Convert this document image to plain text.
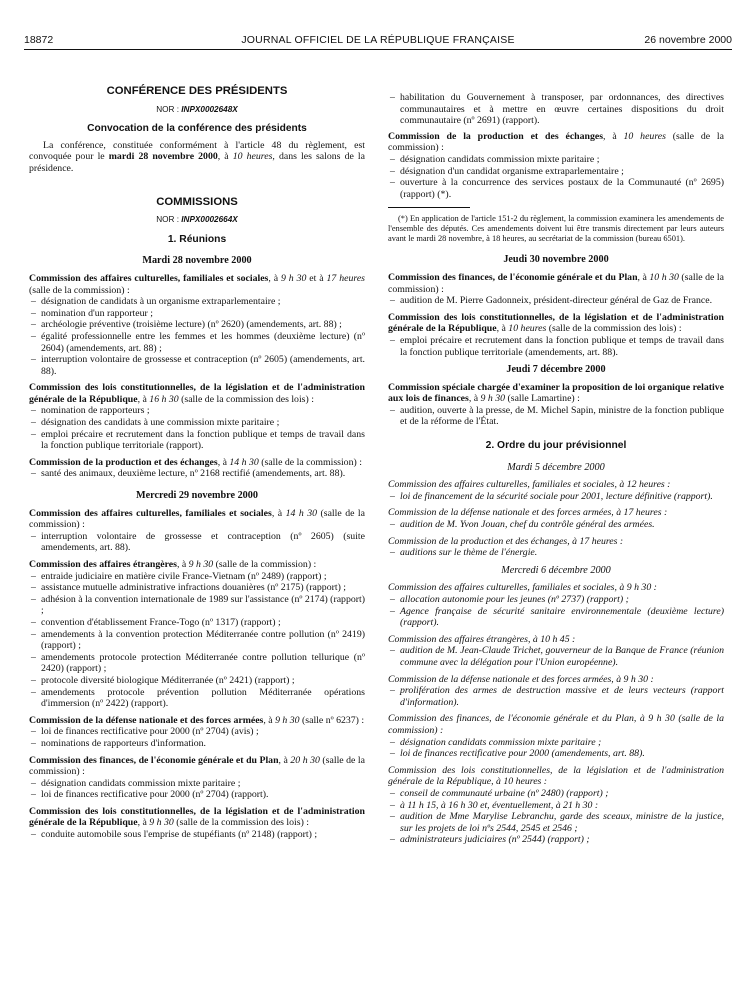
18872	JOURNAL OFFICIEL DE LA RÉPUBLIQUE FRANÇAISE	26 novembre 2000
CONFÉRENCE DES PRÉSIDENTS
NOR : INPX0002648X
Convocation de la conférence des présidents

La conférence, constituée conformément à l'article 48 du règlement, est convoquée pour le mardi 28 novembre 2000, à 10 heures, dans les salons de la présidence.

COMMISSIONS
NOR : INPX0002664X
1. Réunions
Mardi 28 novembre 2000

Commission des affaires culturelles, familiales et sociales, à 9 h 30 et à 17 heures (salle de la commission) :

– désignation de candidats à un organisme extraparlementaire ;
– nomination d'un rapporteur ;
– archéologie préventive (troisième lecture) (nº 2620) (amendements, art. 88) ;
– égalité professionnelle entre les femmes et les hommes (deuxième lecture) (nº 2604) (amendements, art. 88) ;
– interruption volontaire de grossesse et contraception (nº 2605) (amendements, art. 88).

Commission des lois constitutionnelles, de la législation et de l'administration générale de la République, à 16 h 30 (salle de la commission des lois) :

– nomination de rapporteurs ;
– désignation des candidats à une commission mixte paritaire ;
– emploi précaire et recrutement dans la fonction publique et temps de travail dans la fonction publique territoriale (rapport).

Commission de la production et des échanges, à 14 h 30 (salle de la commission) :

– santé des animaux, deuxième lecture, nº 2168 rectifié (amendements, art. 88).
Mercredi 29 novembre 2000

Commission des affaires culturelles, familiales et sociales, à 14 h 30 (salle de la commission) :

– interruption volontaire de grossesse et contraception (nº 2605) (suite amendements, art. 88).

Commission des affaires étrangères, à 9 h 30 (salle de la commission) :

– entraide judiciaire en matière civile France-Vietnam (nº 2489) (rapport) ;
– assistance mutuelle administrative infractions douanières (nº 2175) (rapport) ;
– adhésion à la convention internationale de 1989 sur l'assistance (nº 2174) (rapport) ;
– convention d'établissement France-Togo (nº 1317) (rapport) ;
– amendements à la convention protection Méditerranée contre pollution (nº 2419) (rapport) ;
– amendements protocole protection Méditerranée contre pollution tellurique (nº 2420) (rapport) ;
– protocole diversité biologique Méditerranée (nº 2421) (rapport) ;
– amendements protocole prévention pollution Méditerranée opérations d'immersion (nº 2422) (rapport).

Commission de la défense nationale et des forces armées, à 9 h 30 (salle nº 6237) :

– loi de finances rectificative pour 2000 (nº 2704) (avis) ;
– nominations de rapporteurs d'information.

Commission des finances, de l'économie générale et du Plan, à 20 h 30 (salle de la commission) :

– désignation candidats commission mixte paritaire ;
– loi de finances rectificative pour 2000 (nº 2704) (rapport).

Commission des lois constitutionnelles, de la législation et de l'administration générale de la République, à 9 h 30 (salle de la commission des lois) :

– conduite automobile sous l'emprise de stupéfiants (nº 2148) (rapport) ;
– habilitation du Gouvernement à transposer, par ordonnances, des directives communautaires et à mettre en œuvre certaines dispositions du droit communautaire (nº 2691) (rapport).

Commission de la production et des échanges, à 10 heures (salle de la commission) :

– désignation candidats commission mixte paritaire ;
– désignation d'un candidat organisme extraparlementaire ;
– ouverture à la concurrence des services postaux de la Communauté (nº 2695) (rapport) (*).

(*) En application de l'article 151-2 du règlement, la commission examinera les amendements de l'ensemble des députés. Ces amendements doivent lui être transmis directement par leurs auteurs avant le mardi 28 novembre, à 18 heures, au secrétariat de la commission (bureau 6501).

Jeudi 30 novembre 2000

Commission des finances, de l'économie générale et du Plan, à 10 h 30 (salle de la commission) :

– audition de M. Pierre Gadonneix, président-directeur général de Gaz de France.

Commission des lois constitutionnelles, de la législation et de l'administration générale de la République, à 10 heures (salle de la commission des lois) :

– emploi précaire et recrutement dans la fonction publique et temps de travail dans la fonction publique territoriale (amendements, art. 88).
Jeudi 7 décembre 2000

Commission spéciale chargée d'examiner la proposition de loi organique relative aux lois de finances, à 9 h 30 (salle Lamartine) :

– audition, ouverte à la presse, de M. Michel Sapin, ministre de la fonction publique et de la réforme de l'État.
2. Ordre du jour prévisionnel
Mardi 5 décembre 2000

Commission des affaires culturelles, familiales et sociales, à 12 heures :

– loi de financement de la sécurité sociale pour 2001, lecture définitive (rapport).

Commission de la défense nationale et des forces armées, à 17 heures :

– audition de M. Yvon Jouan, chef du contrôle général des armées.

Commission de la production et des échanges, à 17 heures :

– auditions sur le thème de l'énergie.
Mercredi 6 décembre 2000

Commission des affaires culturelles, familiales et sociales, à 9 h 30 :

– allocation autonomie pour les jeunes (nº 2737) (rapport) ;
– Agence française de sécurité sanitaire environnementale (deuxième lecture) (rapport).

Commission des affaires étrangères, à 10 h 45 :

– audition de M. Jean-Claude Trichet, gouverneur de la Banque de France (réunion commune avec la délégation pour l'Union européenne).

Commission de la défense nationale et des forces armées, à 9 h 30 :

– prolifération des armes de destruction massive et de leurs vecteurs (rapport d'information).

Commission des finances, de l'économie générale et du Plan, à 9 h 30 (salle de la commission) :

– désignation candidats commission mixte paritaire ;
– loi de finances rectificative pour 2000 (amendements, art. 88).

Commission des lois constitutionnelles, de la législation et de l'administration générale de la République, à 10 heures :

– conseil de communauté urbaine (nº 2480) (rapport) ;
– à 11 h 15, à 16 h 30 et, éventuellement, à 21 h 30 :
– audition de Mme Marylise Lebranchu, garde des sceaux, ministre de la justice, sur les projets de loi nºs 2544, 2545 et 2546 ;
– administrateurs judiciaires (nº 2544) (rapport) ;
